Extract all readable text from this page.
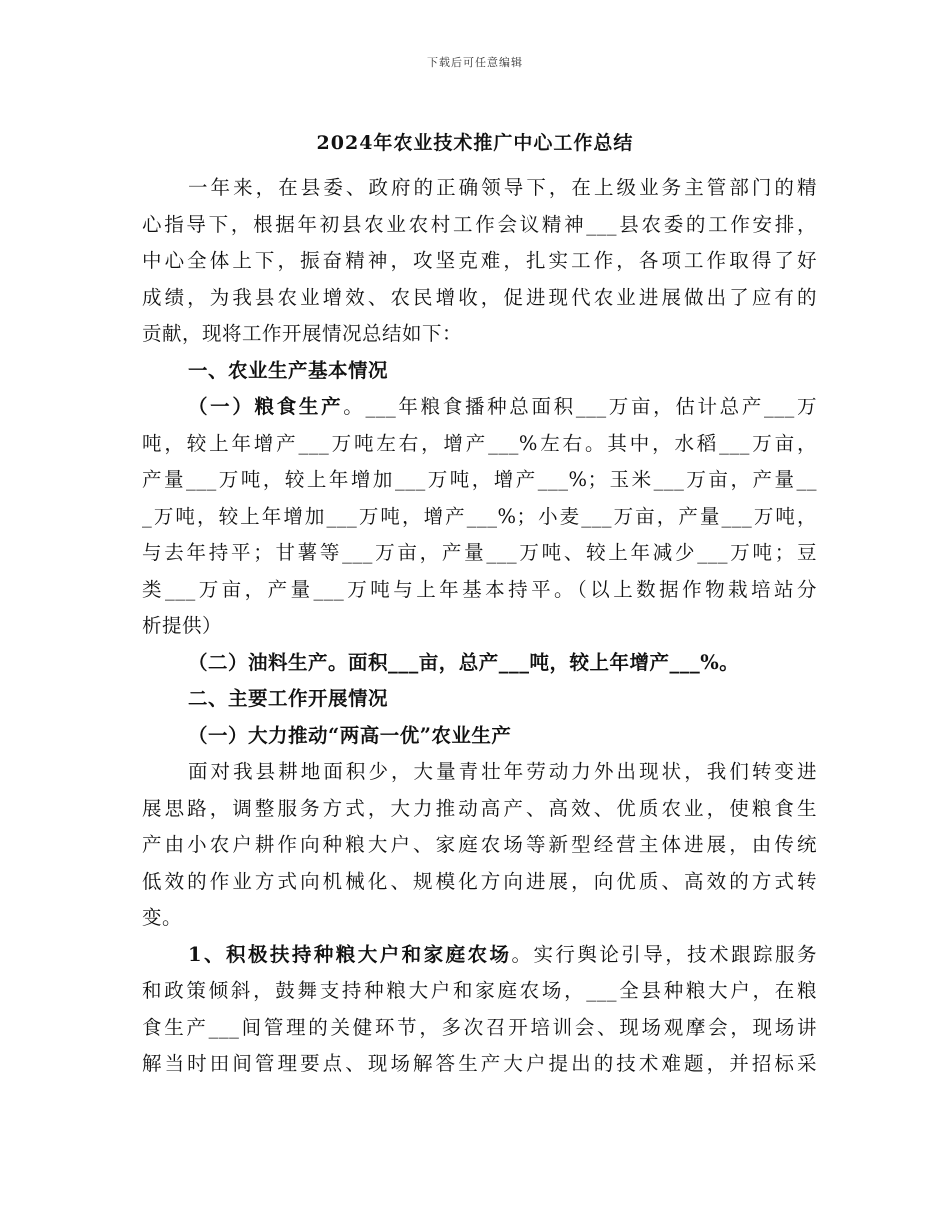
下载后可任意编辑
2024年农业技术推广中心工作总结
一年来，在县委、政府的正确领导下，在上级业务主管部门的精
心指导下，根据年初县农业农村工作会议精神___县农委的工作安排，
中心全体上下，振奋精神，攻坚克难，扎实工作，各项工作取得了好
成绩，为我县农业增效、农民增收，促进现代农业进展做出了应有的
贡献，现将工作开展情况总结如下：
一、农业生产基本情况
（一）粮食生产。___年粮食播种总面积___万亩，估计总产___万
吨，较上年增产___万吨左右，增产___%左右。其中，水稻___万亩，
产量___万吨，较上年增加___万吨，增产___%；玉米___万亩，产量__
_万吨，较上年增加___万吨，增产___%；小麦___万亩，产量___万吨，
与去年持平；甘薯等___万亩，产量___万吨、较上年减少___万吨；豆
类___万亩，产量___万吨与上年基本持平。（以上数据作物栽培站分
析提供）
（二）油料生产。面积___亩，总产___吨，较上年增产___%。
二、主要工作开展情况
（一）大力推动“两高一优”农业生产
面对我县耕地面积少，大量青壮年劳动力外出现状，我们转变进
展思路，调整服务方式，大力推动高产、高效、优质农业，使粮食生
产由小农户耕作向种粮大户、家庭农场等新型经营主体进展，由传统
低效的作业方式向机械化、规模化方向进展，向优质、高效的方式转
变。
1、积极扶持种粮大户和家庭农场。实行舆论引导，技术跟踪服务
和政策倾斜，鼓舞支持种粮大户和家庭农场，___全县种粮大户，在粮
食生产___间管理的关健环节，多次召开培训会、现场观摩会，现场讲
解当时田间管理要点、现场解答生产大户提出的技术难题，并招标采
